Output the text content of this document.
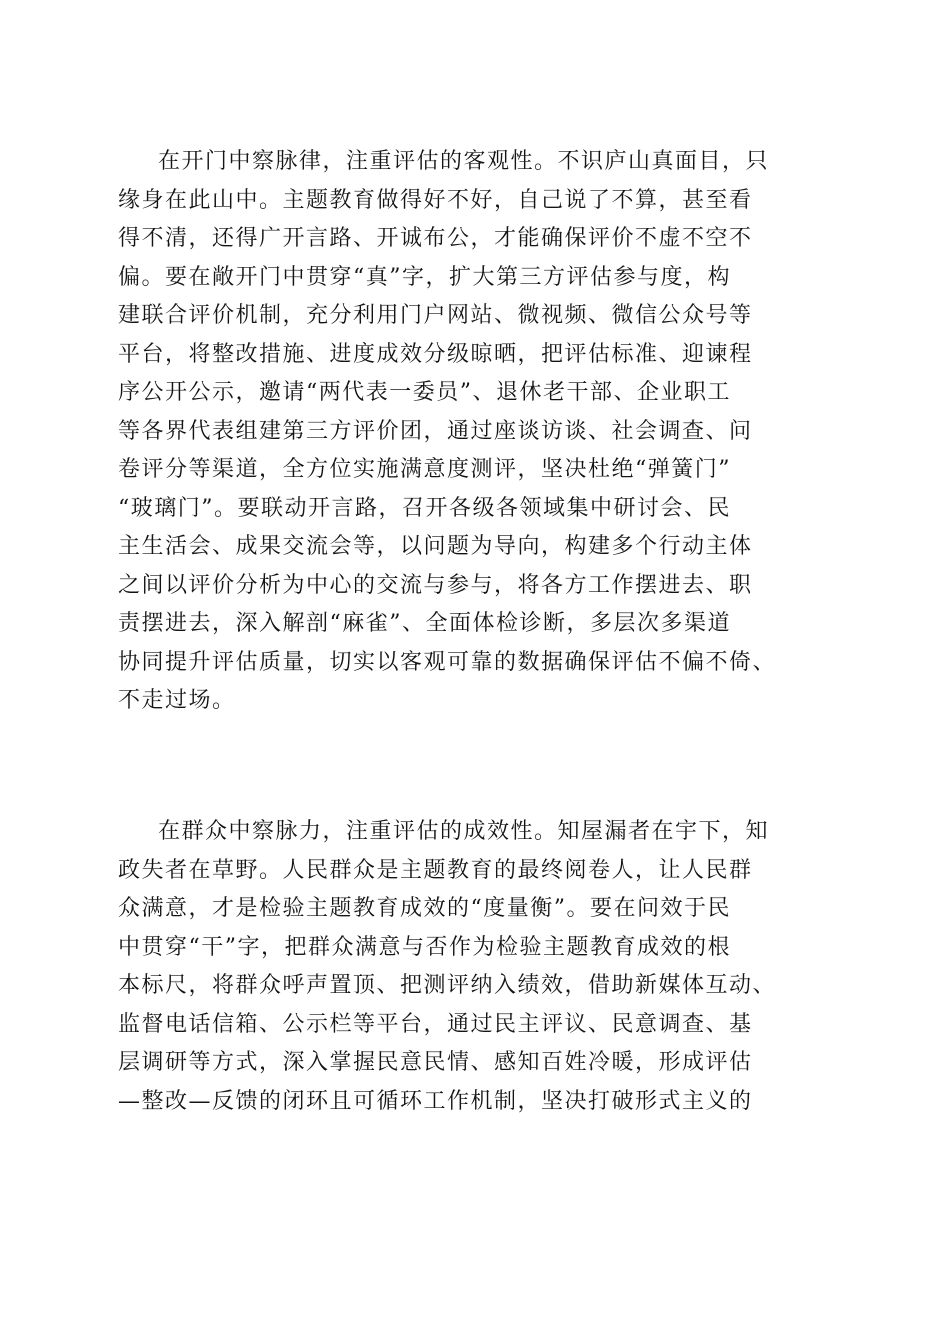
在开门中察脉律，注重评估的客观性。不识庐山真面目，只
缘身在此山中。主题教育做得好不好，自己说了不算，甚至看
得不清，还得广开言路、开诚布公，才能确保评价不虚不空不
偏。要在敞开门中贯穿“真”字，扩大第三方评估参与度，构
建联合评价机制，充分利用门户网站、微视频、微信公众号等
平台，将整改措施、进度成效分级晾晒，把评估标准、迎谏程
序公开公示，邀请“两代表一委员”、退休老干部、企业职工
等各界代表组建第三方评价团，通过座谈访谈、社会调查、问
卷评分等渠道，全方位实施满意度测评，坚决杜绝“弹簧门”
“玻璃门”。要联动开言路，召开各级各领域集中研讨会、民
主生活会、成果交流会等，以问题为导向，构建多个行动主体
之间以评价分析为中心的交流与参与，将各方工作摆进去、职
责摆进去，深入解剖“麻雀”、全面体检诊断，多层次多渠道
协同提升评估质量，切实以客观可靠的数据确保评估不偏不倚、
不走过场。
在群众中察脉力，注重评估的成效性。知屋漏者在宇下，知
政失者在草野。人民群众是主题教育的最终阅卷人，让人民群
众满意，才是检验主题教育成效的“度量衡”。要在问效于民
中贯穿“干”字，把群众满意与否作为检验主题教育成效的根
本标尺，将群众呼声置顶、把测评纳入绩效，借助新媒体互动、
监督电话信箱、公示栏等平台，通过民主评议、民意调查、基
层调研等方式，深入掌握民意民情、感知百姓冷暖，形成评估
—整改—反馈的闭环且可循环工作机制，坚决打破形式主义的
